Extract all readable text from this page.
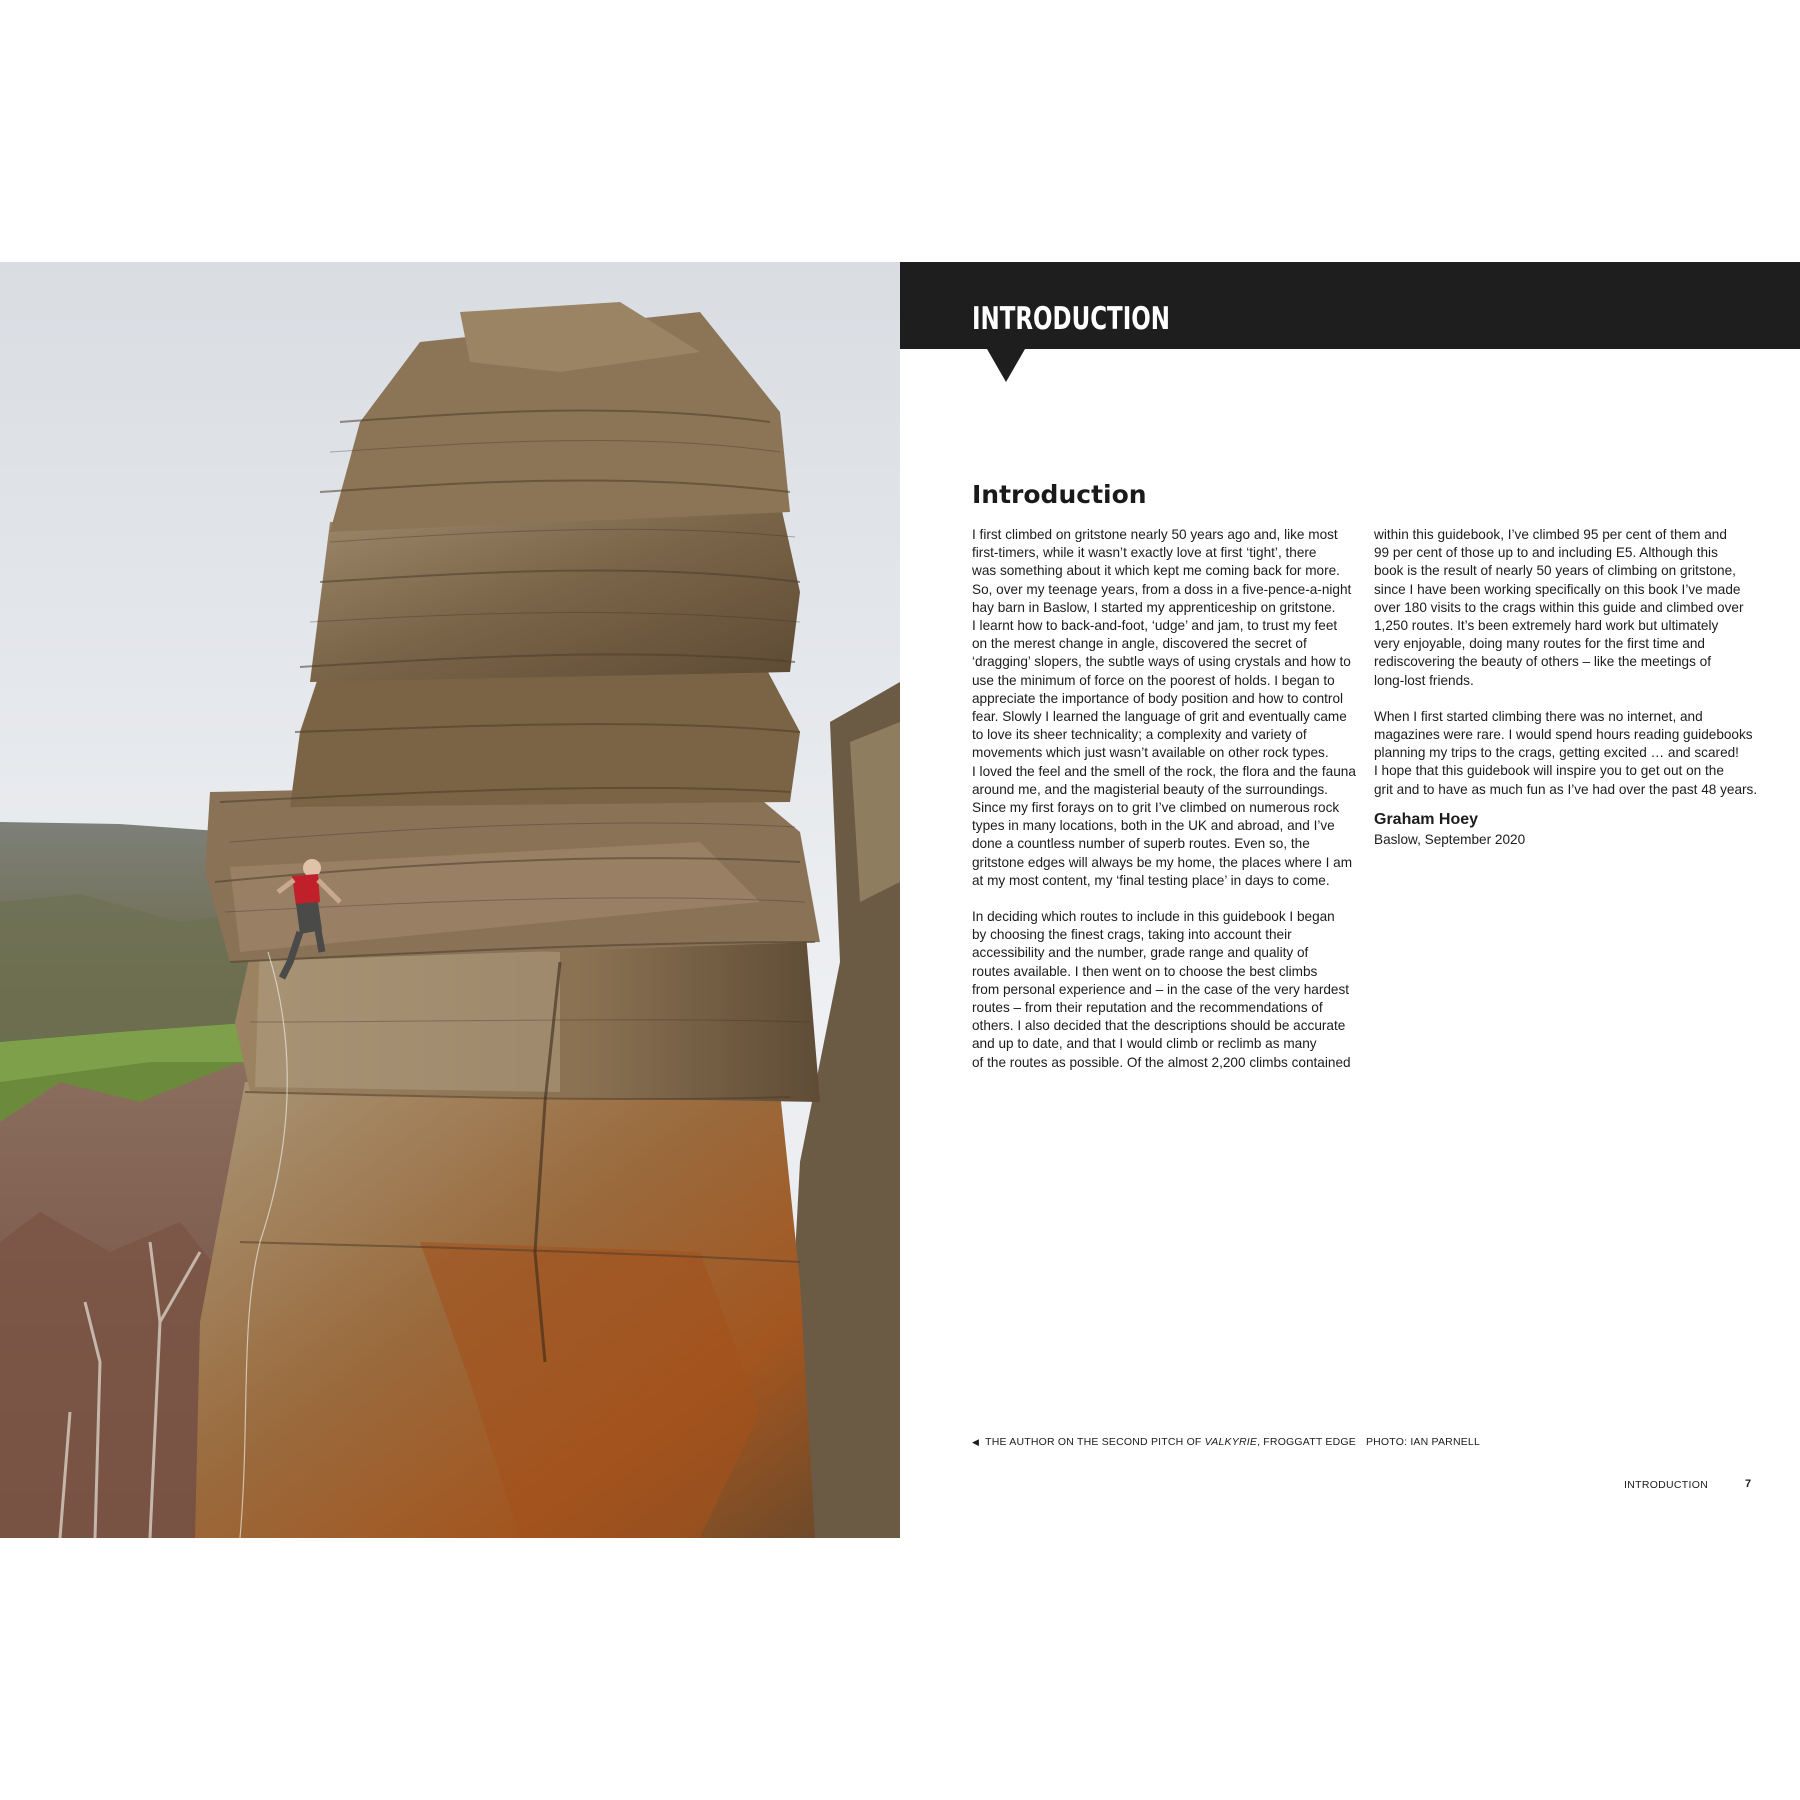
INTRODUCTION
Introduction

I first climbed on gritstone nearly 50 years ago and, like most

first-timers, while it wasn’t exactly love at first ‘tight’, there

was something about it which kept me coming back for more.

So, over my teenage years, from a doss in a five-pence-a-night

hay barn in Baslow, I started my apprenticeship on gritstone.

I learnt how to back-and-foot, ‘udge’ and jam, to trust my feet

on the merest change in angle, discovered the secret of

‘dragging’ slopers, the subtle ways of using crystals and how to

use the minimum of force on the poorest of holds. I began to

appreciate the importance of body position and how to control

fear. Slowly I learned the language of grit and eventually came

to love its sheer technicality; a complexity and variety of

movements which just wasn’t available on other rock types.

I loved the feel and the smell of the rock, the flora and the fauna

around me, and the magisterial beauty of the surroundings.

Since my first forays on to grit I’ve climbed on numerous rock

types in many locations, both in the UK and abroad, and I’ve

done a countless number of superb routes. Even so, the

gritstone edges will always be my home, the places where I am

at my most content, my ‘final testing place’ in days to come.

In deciding which routes to include in this guidebook I began

by choosing the finest crags, taking into account their

accessibility and the number, grade range and quality of

routes available. I then went on to choose the best climbs

from personal experience and – in the case of the very hardest

routes – from their reputation and the recommendations of

others. I also decided that the descriptions should be accurate

and up to date, and that I would climb or reclimb as many

of the routes as possible. Of the almost 2,200 climbs contained

within this guidebook, I’ve climbed 95 per cent of them and

99 per cent of those up to and including E5. Although this

book is the result of nearly 50 years of climbing on gritstone,

since I have been working specifically on this book I’ve made

over 180 visits to the crags within this guide and climbed over

1,250 routes. It’s been extremely hard work but ultimately

very enjoyable, doing many routes for the first time and

rediscovering the beauty of others – like the meetings of

long-lost friends.

When I first started climbing there was no internet, and

magazines were rare. I would spend hours reading guidebooks

planning my trips to the crags, getting excited … and scared!

I hope that this guidebook will inspire you to get out on the

grit and to have as much fun as I’ve had over the past 48 years.

Graham Hoey
Baslow, September 2020
◀ THE AUTHOR ON THE SECOND PITCH OF VALKYRIE, FROGGATT EDGE PHOTO: IAN PARNELL
INTRODUCTION	7
